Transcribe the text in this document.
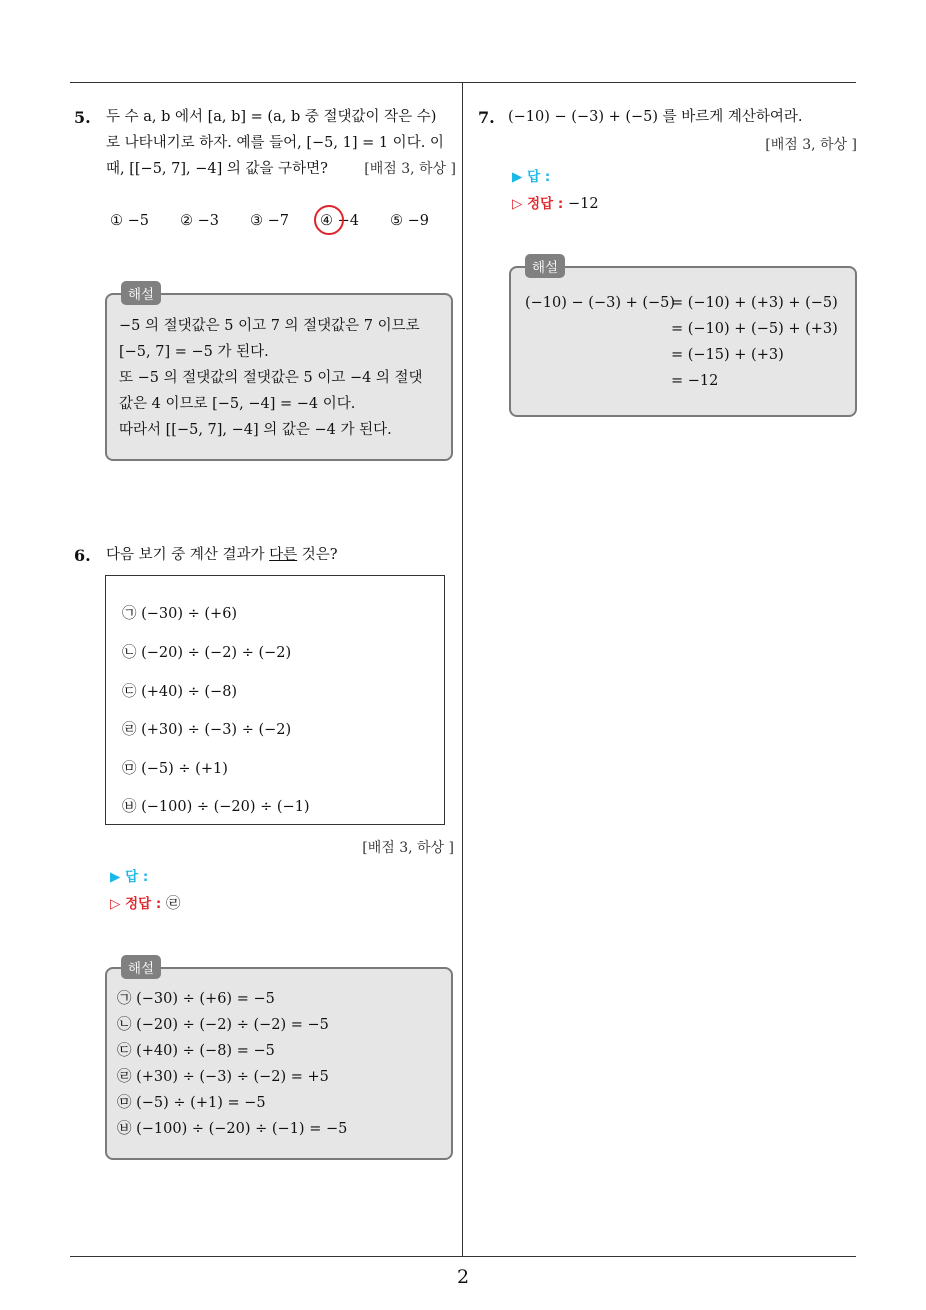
2
5. 두 수 a, b 에서 [a, b] = (a, b 중 절댓값이 작은 수)
로 나타내기로 하자. 예를 들어, [−5, 1] = 1 이다. 이
때, [[−5, 7], −4] 의 값을 구하면?	[배점 3, 하상 ]
① −5	② −3	③ −7	④ −4	⑤ −9
해설
−5 의 절댓값은 5 이고 7 의 절댓값은 7 이므로
[−5, 7] = −5 가 된다.
또 −5 의 절댓값의 절댓값은 5 이고 −4 의 절댓
값은 4 이므로 [−5, −4] = −4 이다.
따라서 [[−5, 7], −4] 의 값은 −4 가 된다.
6. 다음 보기 중 계산 결과가 다른 것은?
㉠ (−30) ÷ (+6)
㉡ (−20) ÷ (−2) ÷ (−2)
㉢ (+40) ÷ (−8)
㉣ (+30) ÷ (−3) ÷ (−2)
㉤ (−5) ÷ (+1)
㉥ (−100) ÷ (−20) ÷ (−1)
[배점 3, 하상 ]
▶ 답 :
▷ 정답 : ㉣
해설
㉠ (−30) ÷ (+6) = −5
㉡ (−20) ÷ (−2) ÷ (−2) = −5
㉢ (+40) ÷ (−8) = −5
㉣ (+30) ÷ (−3) ÷ (−2) = +5
㉤ (−5) ÷ (+1) = −5
㉥ (−100) ÷ (−20) ÷ (−1) = −5
7. (−10) − (−3) + (−5) 를 바르게 계산하여라.
[배점 3, 하상 ]
▶ 답 :
▷ 정답 : −12
해설
(−10) − (−3) + (−5)
= (−10) + (+3) + (−5)
= (−10) + (−5) + (+3)
= (−15) + (+3)
= −12
